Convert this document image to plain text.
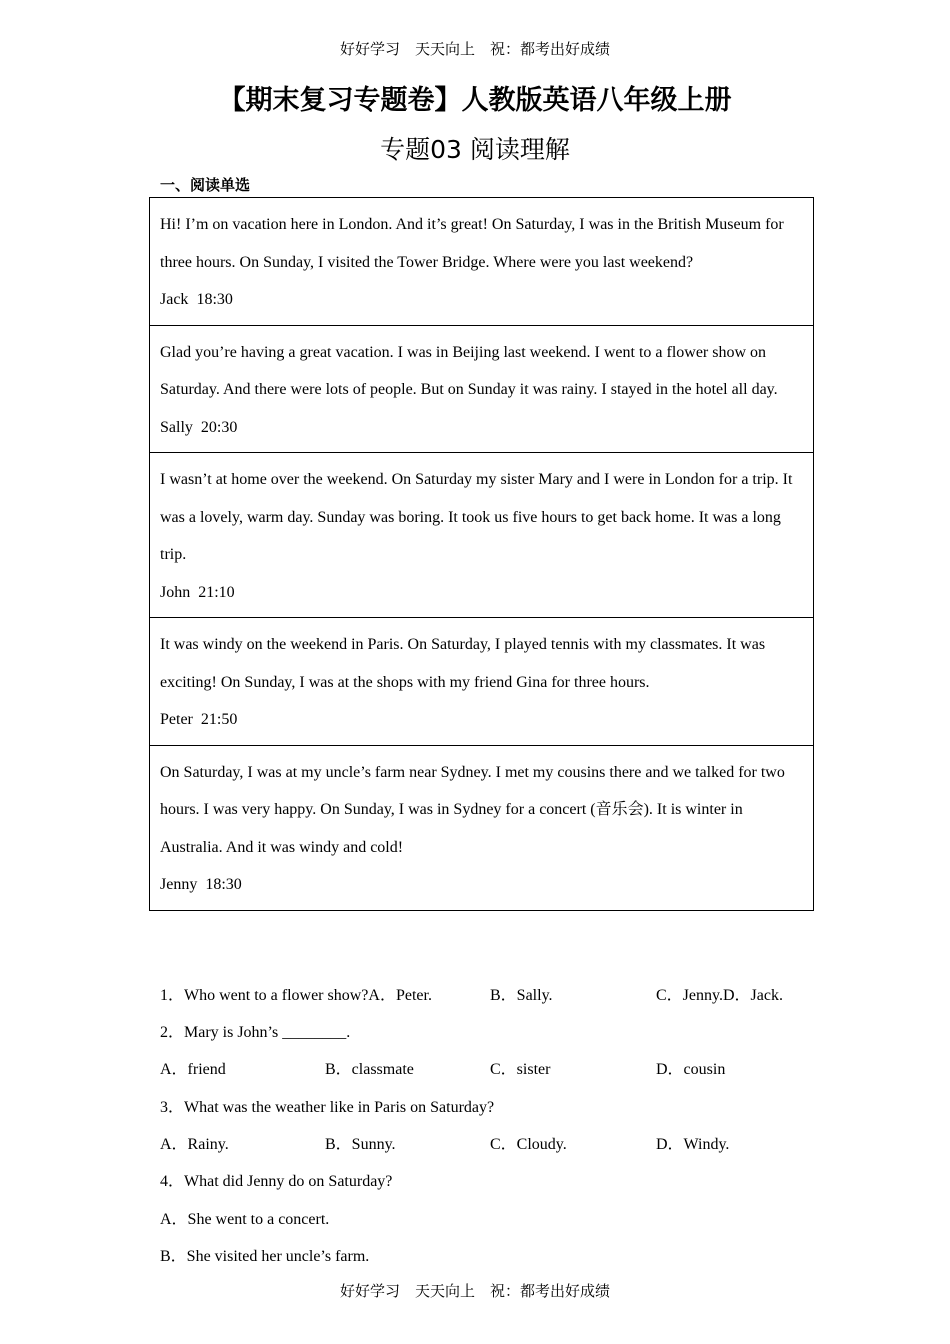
好好学习　天天向上　祝：都考出好成绩
【期末复习专题卷】人教版英语八年级上册
专题03 阅读理解
一、阅读单选
Hi! I’m on vacation here in London. And it’s great! On Saturday, I was in the British Museum for three hours. On Sunday, I visited the Tower Bridge. Where were you last weekend?
Jack 18:30

Glad you’re having a great vacation. I was in Beijing last weekend. I went to a flower show on Saturday. And there were lots of people. But on Sunday it was rainy. I stayed in the hotel all day.
Sally 20:30

I wasn’t at home over the weekend. On Saturday my sister Mary and I were in London for a trip. It was a lovely, warm day. Sunday was boring. It took us five hours to get back home. It was a long trip.
John 21:10

It was windy on the weekend in Paris. On Saturday, I played tennis with my classmates. It was exciting! On Sunday, I was at the shops with my friend Gina for three hours.
Peter 21:50

On Saturday, I was at my uncle’s farm near Sydney. I met my cousins there and we talked for two hours. I was very happy. On Sunday, I was in Sydney for a concert (音乐会). It is winter in Australia. And it was windy and cold!
Jenny 18:30
1．Who went to a flower show?A．Peter.	B．Sally.	C．Jenny.D．Jack.
2．Mary is John’s ________.
A．friend	B．classmate	C．sister	D．cousin
3．What was the weather like in Paris on Saturday?
A．Rainy.	B．Sunny.	C．Cloudy.	D．Windy.
4．What did Jenny do on Saturday?
A．She went to a concert.
B．She visited her uncle’s farm.
好好学习　天天向上　祝：都考出好成绩
